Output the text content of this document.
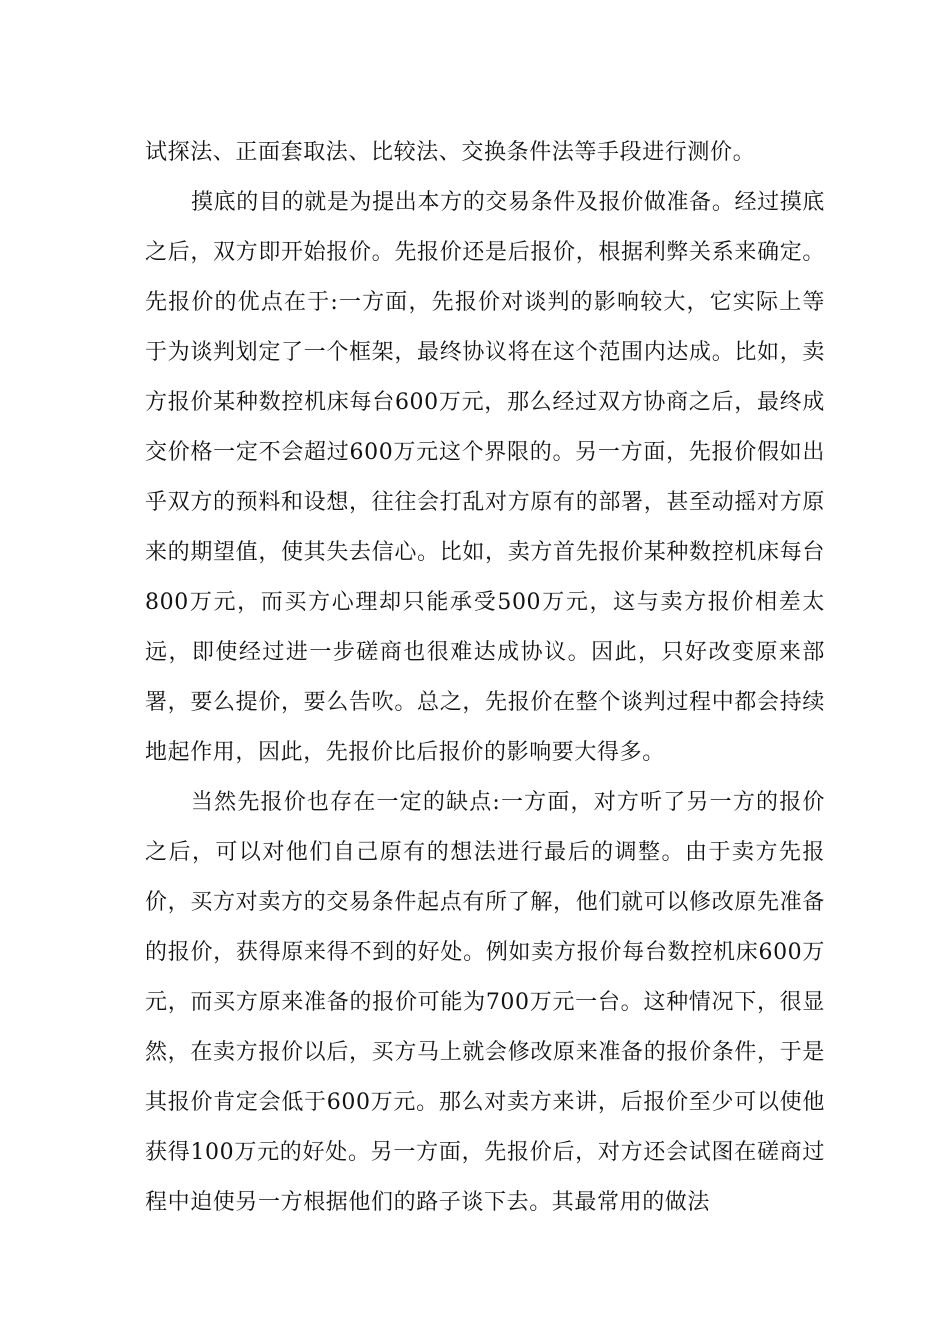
试探法、正面套取法、比较法、交换条件法等手段进行测价。

摸底的目的就是为提出本方的交易条件及报价做准备。经过摸底之后，双方即开始报价。先报价还是后报价，根据利弊关系来确定。先报价的优点在于:一方面，先报价对谈判的影响较大，它实际上等于为谈判划定了一个框架，最终协议将在这个范围内达成。比如，卖方报价某种数控机床每台600万元，那么经过双方协商之后，最终成交价格一定不会超过600万元这个界限的。另一方面，先报价假如出乎双方的预料和设想，往往会打乱对方原有的部署，甚至动摇对方原来的期望值，使其失去信心。比如，卖方首先报价某种数控机床每台800万元，而买方心理却只能承受500万元，这与卖方报价相差太远，即使经过进一步磋商也很难达成协议。因此，只好改变原来部署，要么提价，要么告吹。总之，先报价在整个谈判过程中都会持续地起作用，因此，先报价比后报价的影响要大得多。

当然先报价也存在一定的缺点:一方面，对方听了另一方的报价之后，可以对他们自己原有的想法进行最后的调整。由于卖方先报价，买方对卖方的交易条件起点有所了解，他们就可以修改原先准备的报价，获得原来得不到的好处。例如卖方报价每台数控机床600万元，而买方原来准备的报价可能为700万元一台。这种情况下，很显然，在卖方报价以后，买方马上就会修改原来准备的报价条件，于是其报价肯定会低于600万元。那么对卖方来讲，后报价至少可以使他获得100万元的好处。另一方面，先报价后，对方还会试图在磋商过程中迫使另一方根据他们的路子谈下去。其最常用的做法
